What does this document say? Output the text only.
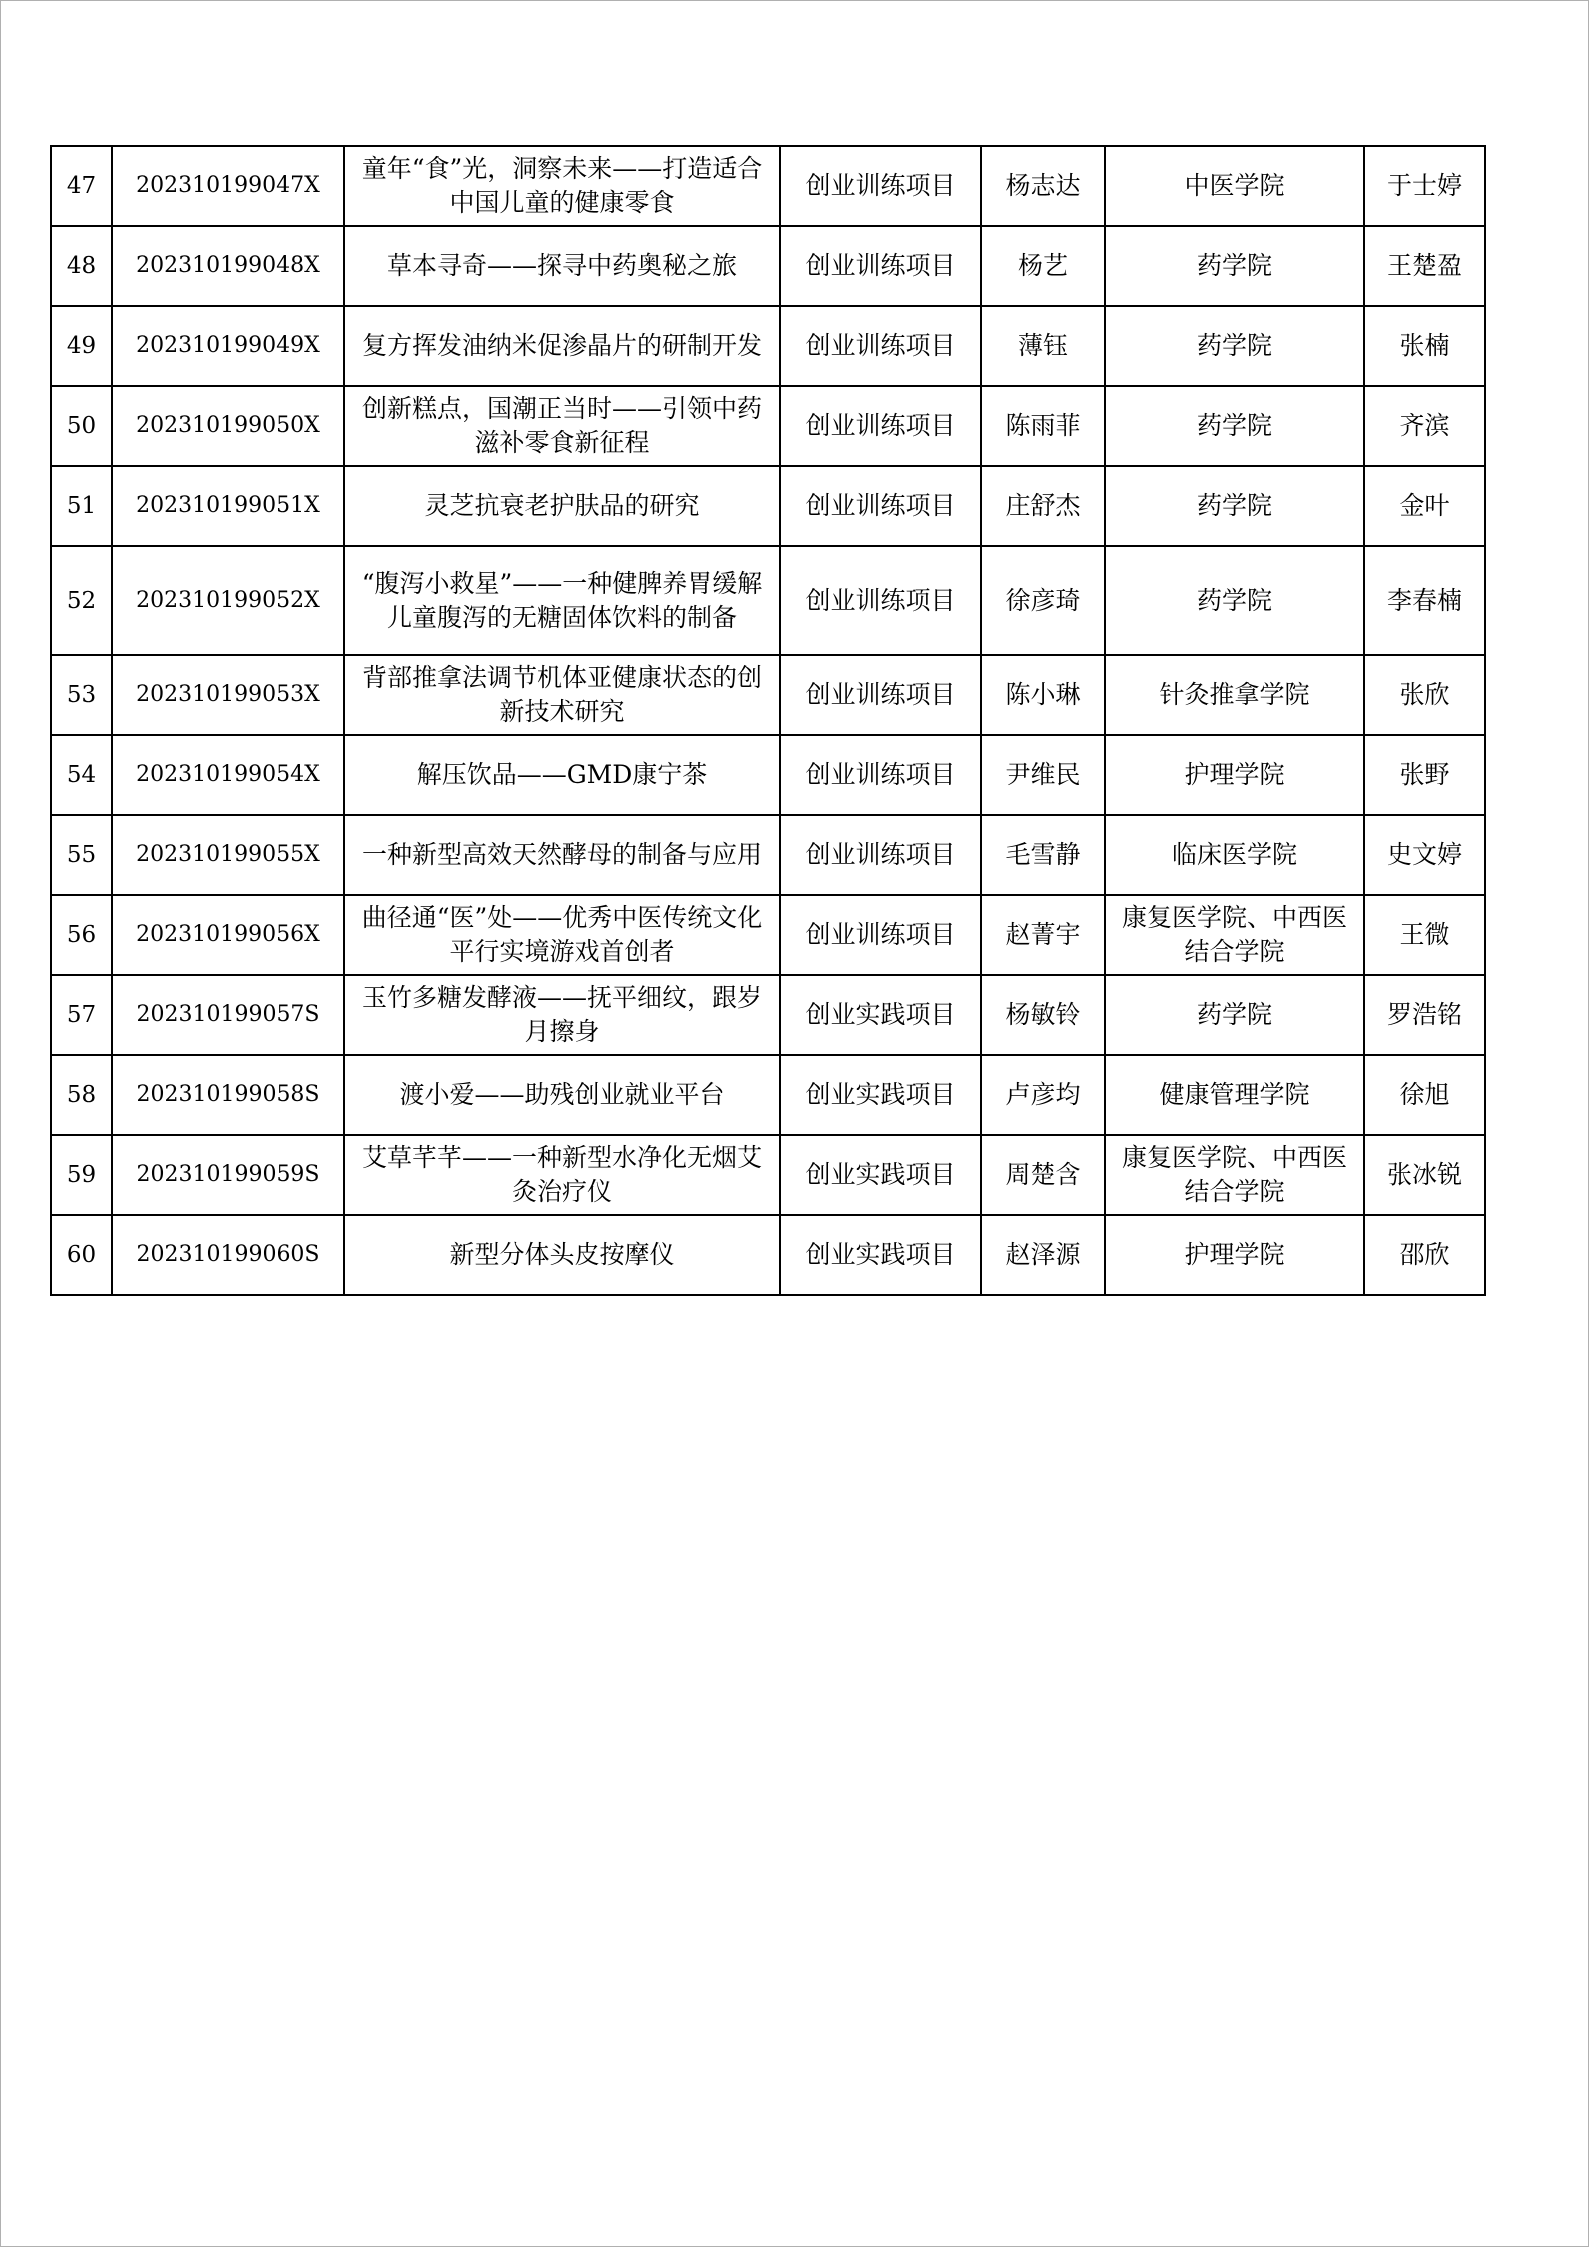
47	202310199047X	童年“食”光，洞察未来——打造适合中国儿童的健康零食	创业训练项目	杨志达	中医学院	于士婷
48	202310199048X	草本寻奇——探寻中药奥秘之旅	创业训练项目	杨艺	药学院	王楚盈
49	202310199049X	复方挥发油纳米促渗晶片的研制开发	创业训练项目	薄钰	药学院	张楠
50	202310199050X	创新糕点，国潮正当时——引领中药滋补零食新征程	创业训练项目	陈雨菲	药学院	齐滨
51	202310199051X	灵芝抗衰老护肤品的研究	创业训练项目	庄舒杰	药学院	金叶
52	202310199052X	“腹泻小救星”——一种健脾养胃缓解儿童腹泻的无糖固体饮料的制备	创业训练项目	徐彦琦	药学院	李春楠
53	202310199053X	背部推拿法调节机体亚健康状态的创新技术研究	创业训练项目	陈小琳	针灸推拿学院	张欣
54	202310199054X	解压饮品——GMD康宁茶	创业训练项目	尹维民	护理学院	张野
55	202310199055X	一种新型高效天然酵母的制备与应用	创业训练项目	毛雪静	临床医学院	史文婷
56	202310199056X	曲径通“医”处——优秀中医传统文化平行实境游戏首创者	创业训练项目	赵菁宇	康复医学院、中西医结合学院	王微
57	202310199057S	玉竹多糖发酵液——抚平细纹，跟岁月擦身	创业实践项目	杨敏铃	药学院	罗浩铭
58	202310199058S	渡小爱——助残创业就业平台	创业实践项目	卢彦均	健康管理学院	徐旭
59	202310199059S	艾草芊芊——一种新型水净化无烟艾灸治疗仪	创业实践项目	周楚含	康复医学院、中西医结合学院	张冰锐
60	202310199060S	新型分体头皮按摩仪	创业实践项目	赵泽源	护理学院	邵欣
